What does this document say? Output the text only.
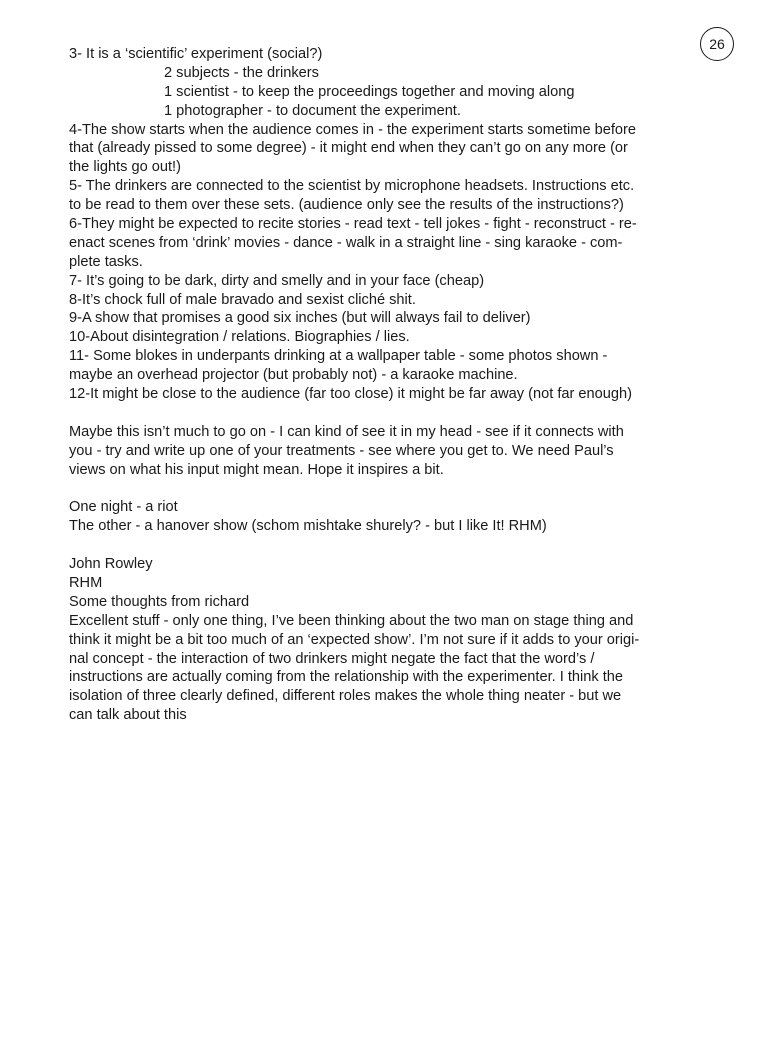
26
3- It is a ‘scientific’ experiment (social?)
2 subjects - the drinkers
1 scientist - to keep the proceedings together and moving along
1 photographer - to document the experiment.
4-The show starts when the audience comes in - the experiment starts sometime before
that (already pissed to some degree) - it might end when they can’t go on any more (or
the lights go out!)
5- The drinkers are connected to the scientist by microphone headsets. Instructions etc.
to be read to them over these sets. (audience only see the results of the instructions?)
6-They might be expected to recite stories - read text - tell jokes - fight - reconstruct - re-
enact scenes from ‘drink’ movies - dance - walk in a straight line - sing karaoke - com-
plete tasks.
7- It’s going to be dark, dirty and smelly and in your face (cheap)
8-It’s chock full of male bravado and sexist cliché shit.
9-A show that promises a good six inches (but will always fail to deliver)
10-About disintegration / relations. Biographies / lies.
11- Some blokes in underpants drinking at a wallpaper table - some photos shown -
maybe an overhead projector (but probably not) - a karaoke machine.
12-It might be close to the audience (far too close) it might be far away (not far enough)
Maybe this isn’t much to go on - I can kind of see it in my head - see if it connects with
you - try and write up one of your treatments - see where you get to. We need Paul’s
views on what his input might mean. Hope it inspires a bit.
One night - a riot
The other - a hanover show (schom mishtake shurely? - but I like It! RHM)
John Rowley
RHM
Some thoughts from richard
Excellent stuff - only one thing, I’ve been thinking about the two man on stage thing and
think it might be a bit too much of an ‘expected show’. I’m not sure if it adds to your origi-
nal concept - the interaction of two drinkers might negate the fact that the word’s /
instructions are actually coming from the relationship with the experimenter. I think the
isolation of three clearly defined, different roles makes the whole thing neater - but we
can talk about this
